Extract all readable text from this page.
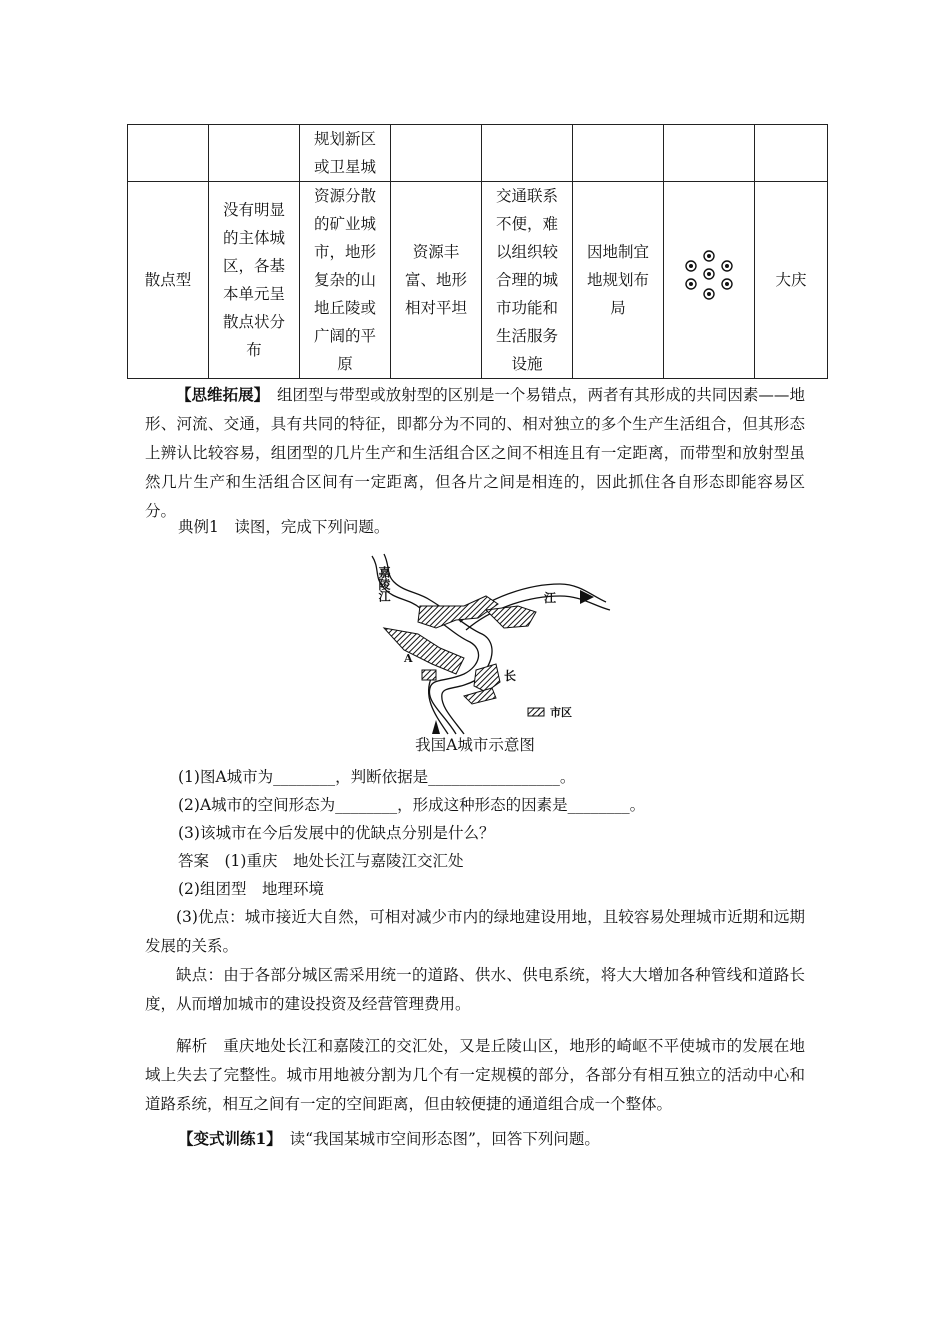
		规划新区或卫星城					
散点型	没有明显的主体城区，各基本单元呈散点状分布	资源分散的矿业城市，地形复杂的山地丘陵或广阔的平原	资源丰富、地形相对平坦	交通联系不便，难以组织较合理的城市功能和生活服务设施	因地制宜地规划布局		大庆

【思维拓展】　 组团型与带型或放射型的区别是一个易错点，两者有其形成的共同因素——地形、河流、交通，具有共同的特征，即都分为不同的、相对独立的多个生产生活组合，但其形态上辨认比较容易，组团型的几片生产和生活组合区之间不相连且有一定距离，而带型和放射型虽然几片生产和生活组合区间有一定距离，但各片之间是相连的，因此抓住各自形态即能容易区分。

典例1　读图，完成下列问题。

嘉陵江	江
长
A
市区
我国A城市示意图

(1)图A城市为________，判断依据是_________________。

(2)A城市的空间形态为________，形成这种形态的因素是________。

(3)该城市在今后发展中的优缺点分别是什么？

答案　(1)重庆　地处长江与嘉陵江交汇处

(2)组团型　地理环境

(3)优点：城市接近大自然，可相对减少市内的绿地建设用地，且较容易处理城市近期和远期发展的关系。

缺点：由于各部分城区需采用统一的道路、供水、供电系统，将大大增加各种管线和道路长度，从而增加城市的建设投资及经营管理费用。

解析　重庆地处长江和嘉陵江的交汇处，又是丘陵山区，地形的崎岖不平使城市的发展在地域上失去了完整性。城市用地被分割为几个有一定规模的部分，各部分有相互独立的活动中心和道路系统，相互之间有一定的空间距离，但由较便捷的通道组合成一个整体。

【变式训练1】　 读“我国某城市空间形态图”，回答下列问题。
